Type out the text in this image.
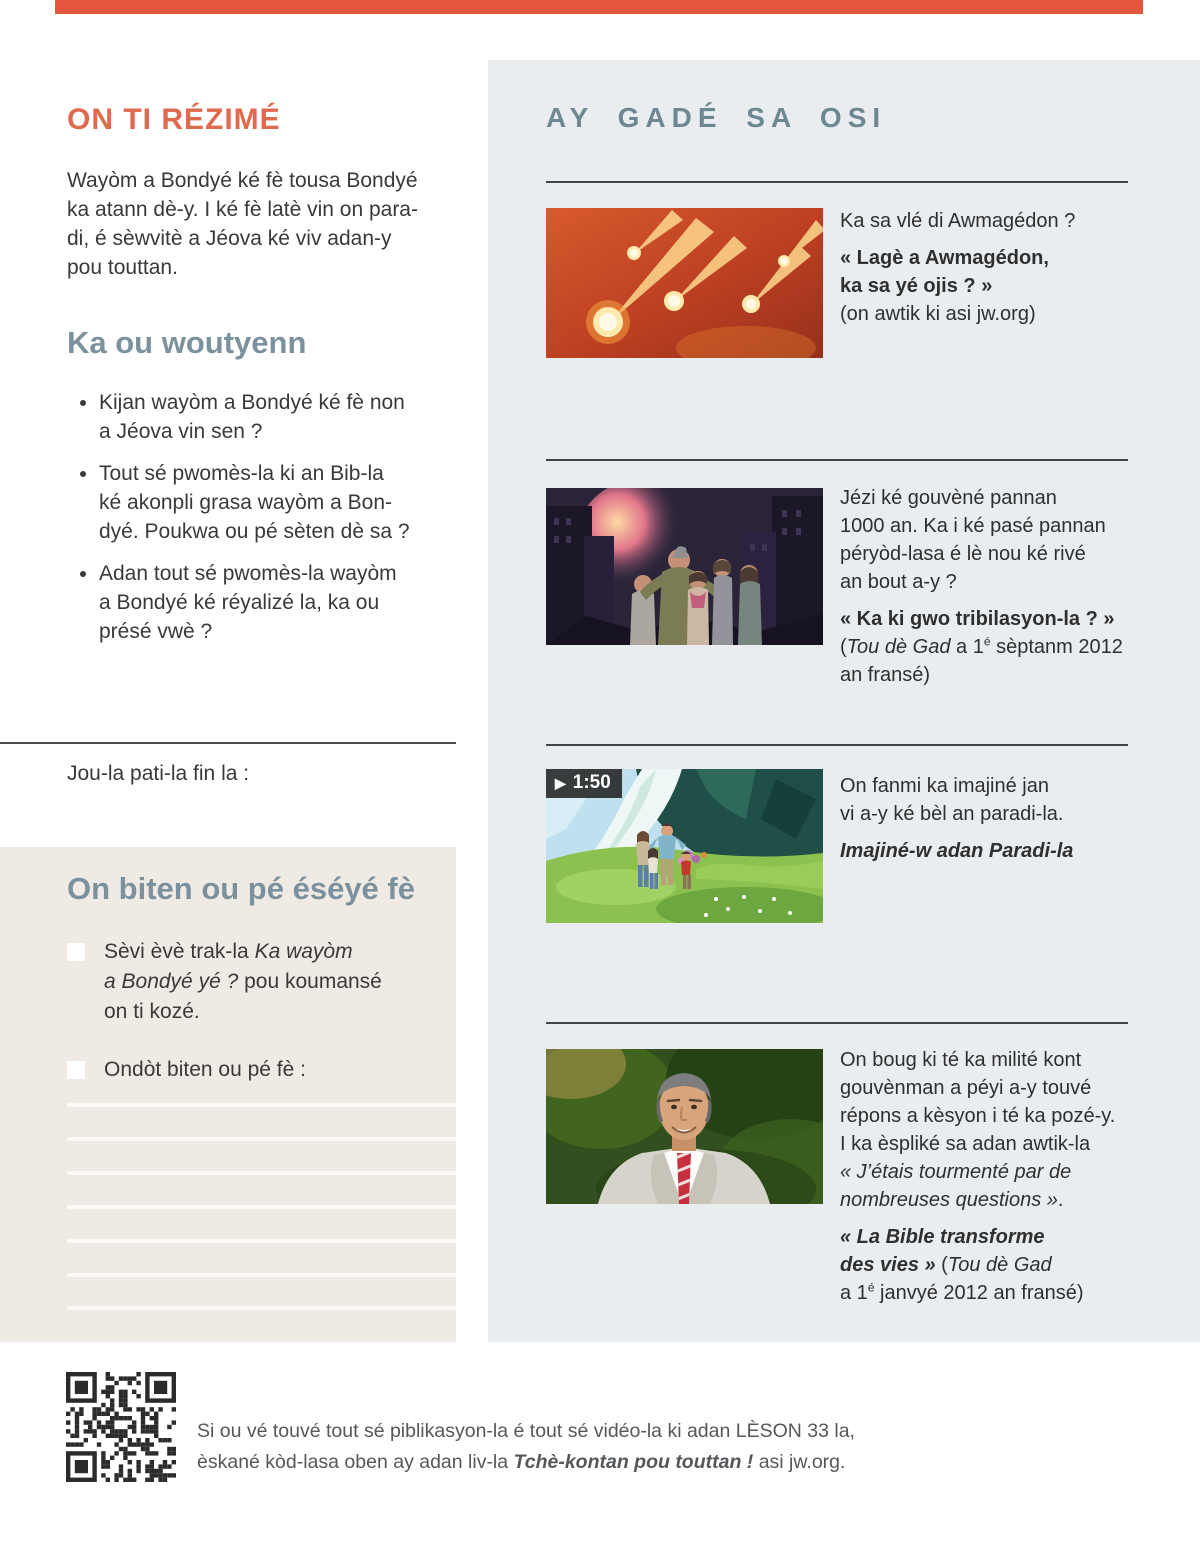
ON TI RÉZIMÉ
Wayòm a Bondyé ké fè tousa Bondyé
ka atann dè-y. I ké fè latè vin on para-
di, é sèwvitè a Jéova ké viv adan-y
pou touttan.
Ka ou woutyenn
• Kijan wayòm a Bondyé ké fè non
a Jéova vin sen ?
• Tout sé pwomès-la ki an Bib-la
ké akonpli grasa wayòm a Bon-
dyé. Poukwa ou pé sèten dè sa ?
• Adan tout sé pwomès-la wayòm
a Bondyé ké réyalizé la, ka ou
présé vwè ?
Jou-la pati-la fin la :
On biten ou pé éséyé fè
Sèvi èvè trak-la Ka wayòm
a Bondyé yé ? pou koumansé
on ti kozé.
Ondòt biten ou pé fè :
AY GADÉ SA OSI
Ka sa vlé di Awmagédon ?
« Lagè a Awmagédon,
ka sa yé ojis ? »
(on awtik ki asi jw.org)
Jézi ké gouvèné pannan
1000 an. Ka i ké pasé pannan
péryòd-lasa é lè nou ké rivé
an bout a-y ?
« Ka ki gwo tribilasyon-la ? »
(Tou dè Gad a $1^é$ sèptanm 2012
an fransé)
▶ 1:50	On fanmi ka imajiné jan
vi a-y ké bèl an paradi-la.
Imajiné-w adan Paradi-la
On boug ki té ka milité kont
gouvènman a péyi a-y touvé
répons a kèsyon i té ka pozé-y.
I ka èspliké sa adan awtik-la
« J’étais tourmenté par de
nombreuses questions ».
« La Bible transforme
des vies » (Tou dè Gad
a $1^é$ janvyé 2012 an fransé)
Si ou vé touvé tout sé piblikasyon-la é tout sé vidéo-la ki adan LÈSON 33 la,
èskané kòd-lasa oben ay adan liv-la Tchè-kontan pou touttan ! asi jw.org.
